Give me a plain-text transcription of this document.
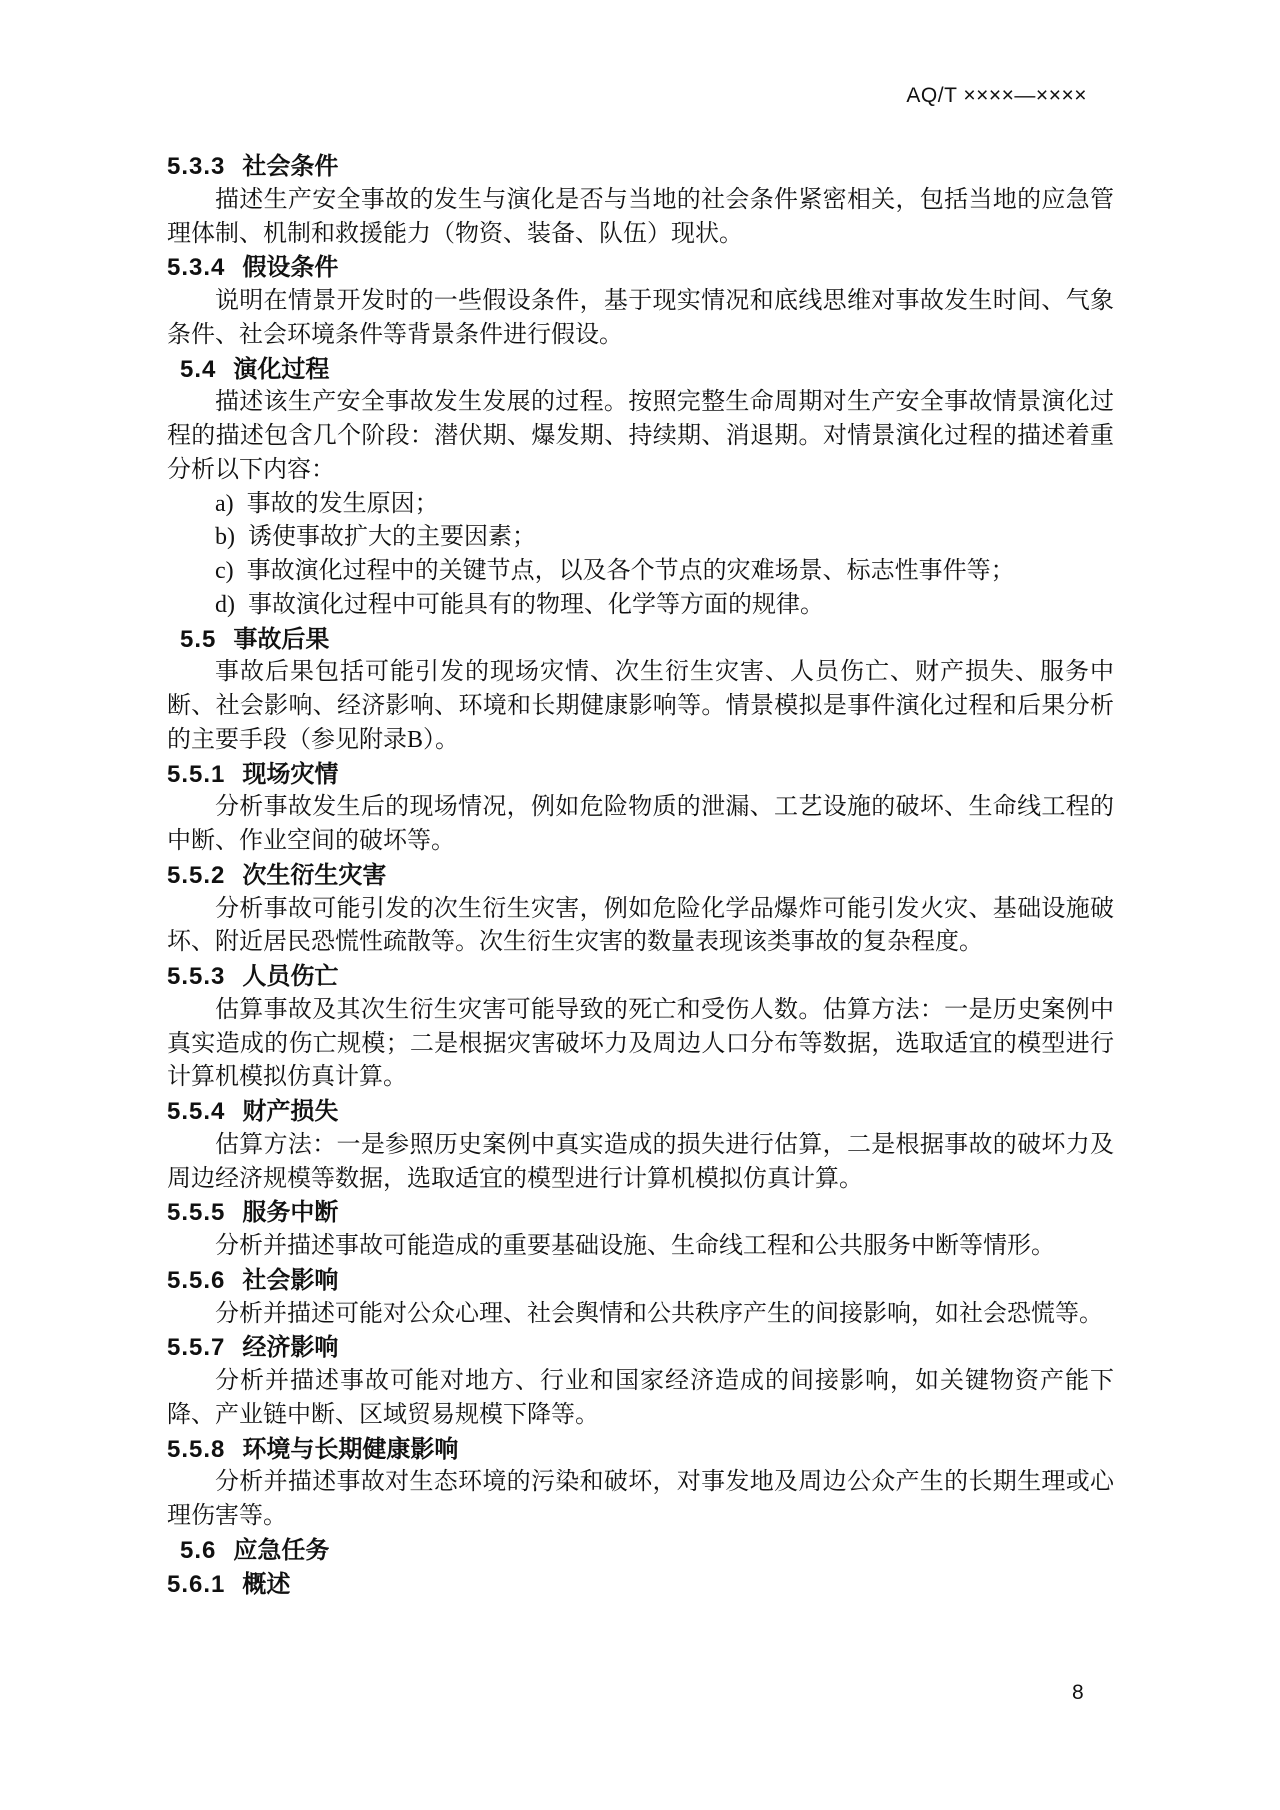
AQ/T ××××—××××
5.3.3 社会条件

描述生产安全事故的发生与演化是否与当地的社会条件紧密相关，包括当地的应急管理体制、机制和救援能力（物资、装备、队伍）现状。

5.3.4 假设条件

说明在情景开发时的一些假设条件，基于现实情况和底线思维对事故发生时间、气象条件、社会环境条件等背景条件进行假设。

5.4 演化过程

描述该生产安全事故发生发展的过程。按照完整生命周期对生产安全事故情景演化过程的描述包含几个阶段：潜伏期、爆发期、持续期、消退期。对情景演化过程的描述着重分析以下内容：

a) 事故的发生原因；
b) 诱使事故扩大的主要因素；
c) 事故演化过程中的关键节点，以及各个节点的灾难场景、标志性事件等；
d) 事故演化过程中可能具有的物理、化学等方面的规律。
5.5 事故后果

事故后果包括可能引发的现场灾情、次生衍生灾害、人员伤亡、财产损失、服务中断、社会影响、经济影响、环境和长期健康影响等。情景模拟是事件演化过程和后果分析的主要手段（参见附录B）。

5.5.1 现场灾情

分析事故发生后的现场情况，例如危险物质的泄漏、工艺设施的破坏、生命线工程的中断、作业空间的破坏等。

5.5.2 次生衍生灾害

分析事故可能引发的次生衍生灾害，例如危险化学品爆炸可能引发火灾、基础设施破坏、附近居民恐慌性疏散等。次生衍生灾害的数量表现该类事故的复杂程度。

5.5.3 人员伤亡

估算事故及其次生衍生灾害可能导致的死亡和受伤人数。估算方法：一是历史案例中真实造成的伤亡规模；二是根据灾害破坏力及周边人口分布等数据，选取适宜的模型进行计算机模拟仿真计算。

5.5.4 财产损失

估算方法：一是参照历史案例中真实造成的损失进行估算，二是根据事故的破坏力及周边经济规模等数据，选取适宜的模型进行计算机模拟仿真计算。

5.5.5 服务中断

分析并描述事故可能造成的重要基础设施、生命线工程和公共服务中断等情形。

5.5.6 社会影响

分析并描述可能对公众心理、社会舆情和公共秩序产生的间接影响，如社会恐慌等。

5.5.7 经济影响

分析并描述事故可能对地方、行业和国家经济造成的间接影响，如关键物资产能下降、产业链中断、区域贸易规模下降等。

5.5.8 环境与长期健康影响

分析并描述事故对生态环境的污染和破坏，对事发地及周边公众产生的长期生理或心理伤害等。

5.6 应急任务
5.6.1 概述
8
